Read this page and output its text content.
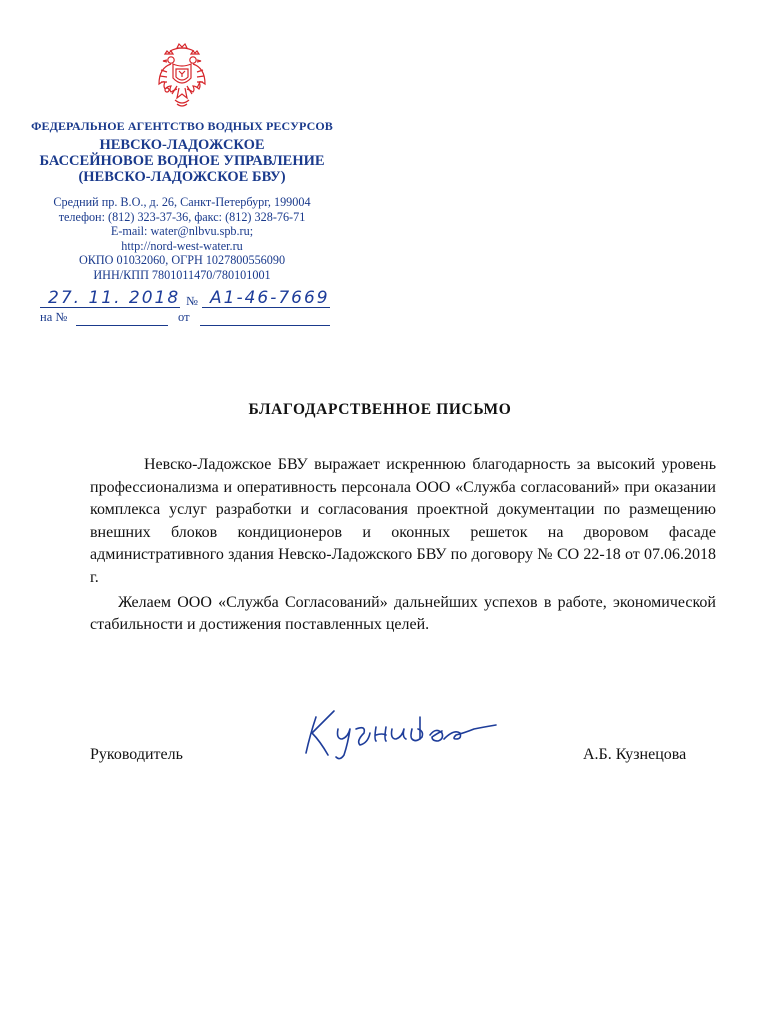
ФЕДЕРАЛЬНОЕ АГЕНТСТВО ВОДНЫХ РЕСУРСОВ
НЕВСКО-ЛАДОЖСКОЕ
БАССЕЙНОВОЕ ВОДНОЕ УПРАВЛЕНИЕ
(НЕВСКО-ЛАДОЖСКОЕ БВУ)
Средний пр. В.О., д. 26, Санкт-Петербург, 199004
телефон: (812) 323-37-36, факс: (812) 328-76-71
E-mail: water@nlbvu.spb.ru;
http://nord-west-water.ru
ОКПО 01032060, ОГРН 1027800556090
ИНН/КПП 7801011470/780101001
27. 11. 2018 № А1-46-7669
на №	от
БЛАГОДАРСТВЕННОЕ ПИСЬМО

Невско-Ладожское БВУ выражает искреннюю благодарность за высокий уровень профессионализма и оперативность персонала ООО «Служба согласований» при оказании комплекса услуг разработки и согласования проектной документации по размещению внешних блоков кондиционеров и оконных решеток на дворовом фасаде административного здания Невско-Ладожского БВУ по договору № СО 22-18 от 07.06.2018 г.

Желаем ООО «Служба Согласований» дальнейших успехов в работе, экономической стабильности и достижения поставленных целей.

Руководитель	А.Б. Кузнецова
